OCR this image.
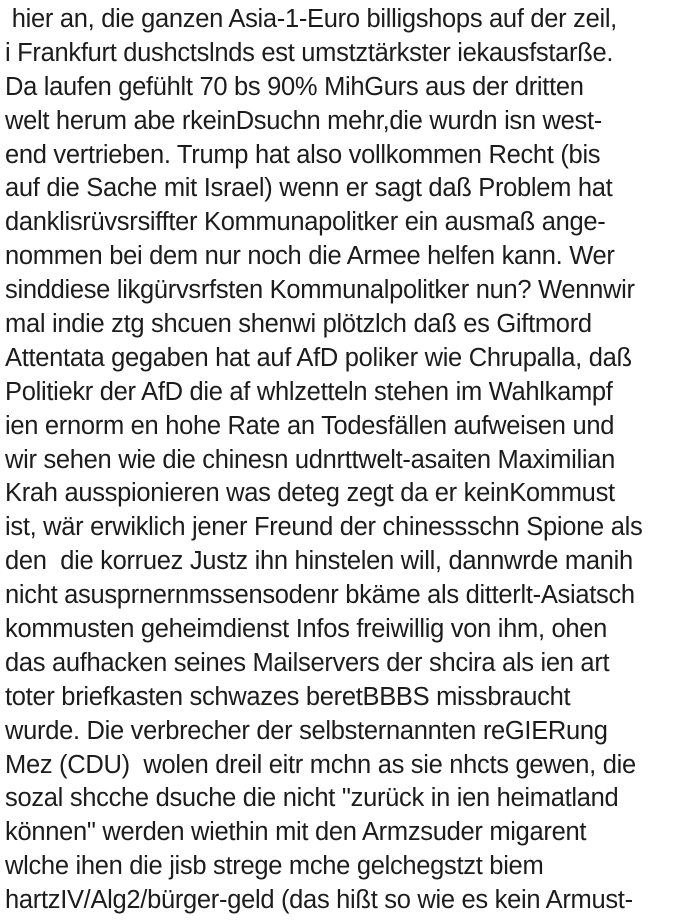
hier an, die ganzen Asia-1-Euro billigshops auf der zeil,
i Frankfurt dushctslnds est umstztärkster iekausfstarße.
Da laufen gefühlt 70 bs 90% MihGurs aus der dritten
welt herum abe rkeinDsuchn mehr,die wurdn isn west-
end vertrieben. Trump hat also vollkommen Recht (bis
auf die Sache mit Israel) wenn er sagt daß Problem hat
danklisrüvsrsiffter Kommunapolitker ein ausmaß ange-
nommen bei dem nur noch die Armee helfen kann. Wer
sinddiese likgürvsrfsten Kommunalpolitker nun? Wennwir
mal indie ztg shcuen shenwi plötzlch daß es Giftmord
Attentata gegaben hat auf AfD poliker wie Chrupalla, daß
Politiekr der AfD die af whlzetteln stehen im Wahlkampf
ien ernorm en hohe Rate an Todesfällen aufweisen und
wir sehen wie die chinesn udnrttwelt-asaiten Maximilian
Krah ausspionieren was deteg zegt da er keinKommust
ist, wär erwiklich jener Freund der chinessschn Spione als
den  die korruez Justz ihn hinstelen will, dannwrde manih
nicht asusprnernmssensodenr bkäme als ditterlt-Asiatsch
kommusten geheimdienst Infos freiwillig von ihm, ohen
das aufhacken seines Mailservers der shcira als ien art
toter briefkasten schwazes beretBBBS missbraucht
wurde. Die verbrecher der selbsternannten reGIERung
Mez (CDU)  wolen dreil eitr mchn as sie nhcts gewen, die
sozal shcche dsuche die nicht "zurück in ien heimatland
können" werden wiethin mit den Armzsuder migarent
wlche ihen die jisb strege mche gelchegstzt biem
hartzIV/Alg2/bürger-geld (das hißt so wie es kein Armust-
